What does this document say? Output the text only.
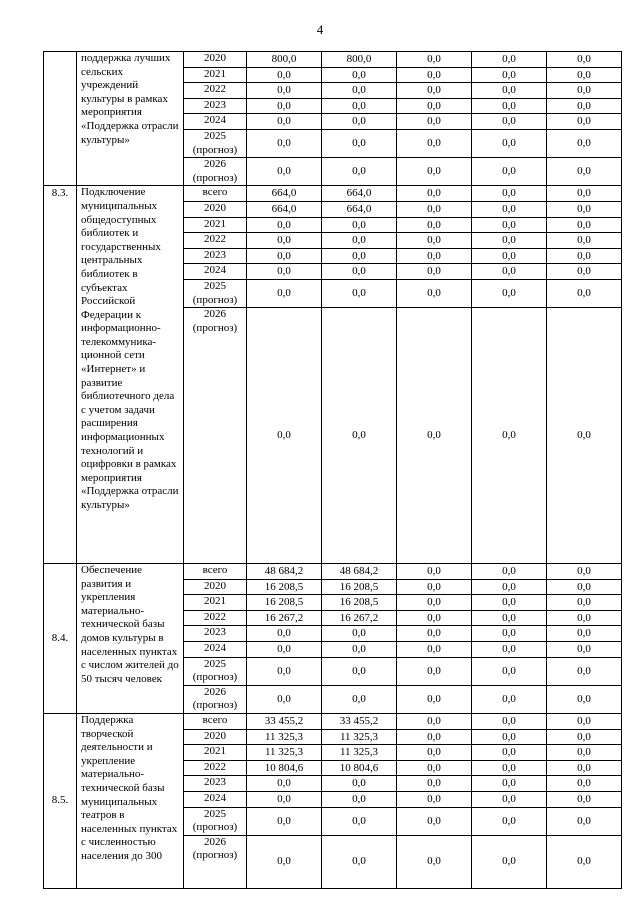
4
	поддержка лучших сельских учреждений культуры в рамках мероприятия «Поддержка отрасли культуры»	2020	800,0	800,0	0,0	0,0	0,0
		2021	0,0	0,0	0,0	0,0	0,0
		2022	0,0	0,0	0,0	0,0	0,0
		2023	0,0	0,0	0,0	0,0	0,0
		2024	0,0	0,0	0,0	0,0	0,0
		2025 (прогноз)	0,0	0,0	0,0	0,0	0,0
		2026 (прогноз)	0,0	0,0	0,0	0,0	0,0
8.3.	Подключение муниципальных общедоступных библиотек и государственных центральных библиотек в субъектах Российской Федерации к информационно-телекоммуника-ционной сети «Интернет» и развитие библиотечного дела с учетом задачи расширения информационных технологий и оцифровки в рамках мероприятия «Поддержка отрасли культуры»	всего	664,0	664,0	0,0	0,0	0,0
		2020	664,0	664,0	0,0	0,0	0,0
		2021	0,0	0,0	0,0	0,0	0,0
		2022	0,0	0,0	0,0	0,0	0,0
		2023	0,0	0,0	0,0	0,0	0,0
		2024	0,0	0,0	0,0	0,0	0,0
		2025 (прогноз)	0,0	0,0	0,0	0,0	0,0
		2026 (прогноз)	0,0	0,0	0,0	0,0	0,0
8.4.	Обеспечение развития и укрепления материально-технической базы домов культуры в населенных пунктах с числом жителей до 50 тысяч человек	всего	48 684,2	48 684,2	0,0	0,0	0,0
		2020	16 208,5	16 208,5	0,0	0,0	0,0
		2021	16 208,5	16 208,5	0,0	0,0	0,0
		2022	16 267,2	16 267,2	0,0	0,0	0,0
		2023	0,0	0,0	0,0	0,0	0,0
		2024	0,0	0,0	0,0	0,0	0,0
		2025 (прогноз)	0,0	0,0	0,0	0,0	0,0
		2026 (прогноз)	0,0	0,0	0,0	0,0	0,0
8.5.	Поддержка творческой деятельности и укрепление материально-технической базы муниципальных театров в населенных пунктах с численностью населения до 300	всего	33 455,2	33 455,2	0,0	0,0	0,0
		2020	11 325,3	11 325,3	0,0	0,0	0,0
		2021	11 325,3	11 325,3	0,0	0,0	0,0
		2022	10 804,6	10 804,6	0,0	0,0	0,0
		2023	0,0	0,0	0,0	0,0	0,0
		2024	0,0	0,0	0,0	0,0	0,0
		2025 (прогноз)	0,0	0,0	0,0	0,0	0,0
		2026 (прогноз)	0,0	0,0	0,0	0,0	0,0
